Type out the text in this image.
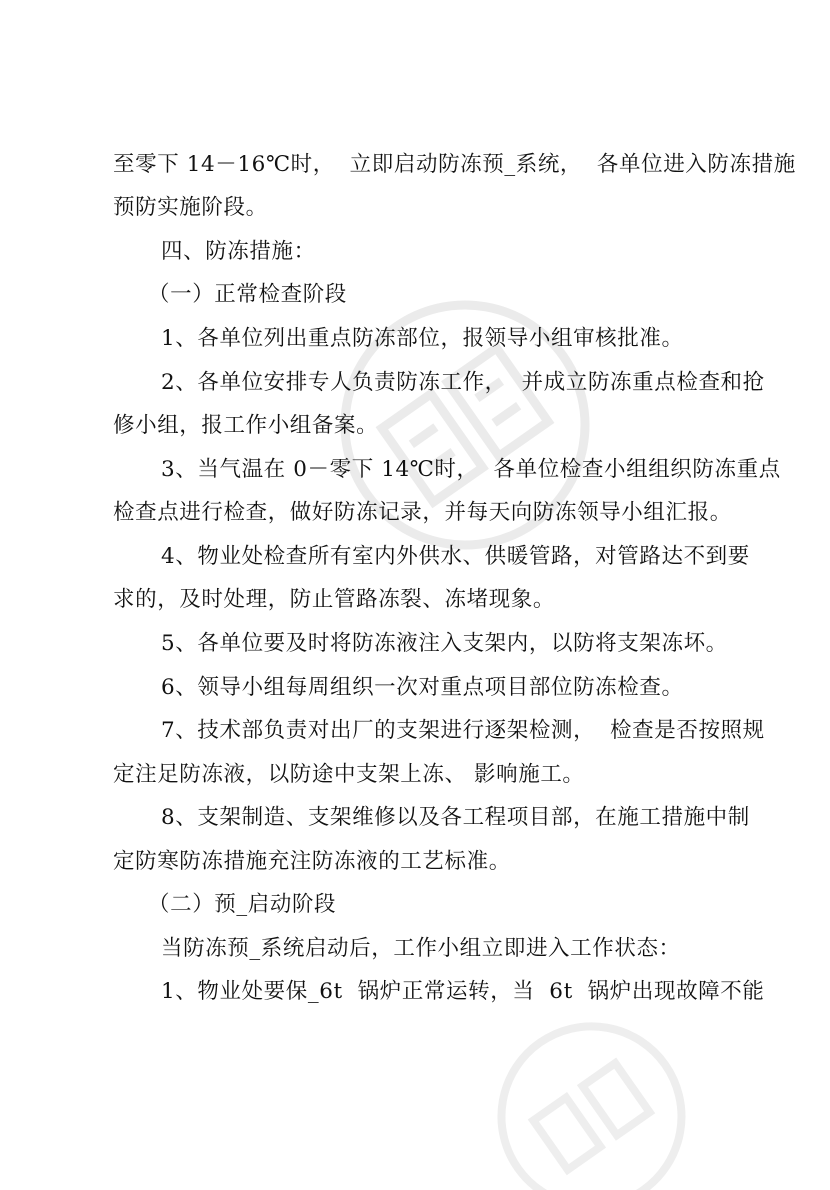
至零下 14－16℃时，  立即启动防冻预_系统，  各单位进入防冻措施
预防实施阶段。
四、防冻措施：
（一）正常检查阶段
1、各单位列出重点防冻部位，报领导小组审核批准。
2、各单位安排专人负责防冻工作，  并成立防冻重点检查和抢
修小组，报工作小组备案。
3、当气温在 0－零下 14℃时，  各单位检查小组组织防冻重点
检查点进行检查，做好防冻记录，并每天向防冻领导小组汇报。
4、物业处检查所有室内外供水、供暖管路，对管路达不到要
求的，及时处理，防止管路冻裂、冻堵现象。
5、各单位要及时将防冻液注入支架内，以防将支架冻坏。
6、领导小组每周组织一次对重点项目部位防冻检查。
7、技术部负责对出厂的支架进行逐架检测，  检查是否按照规
定注足防冻液，以防途中支架上冻、 影响施工。
8、支架制造、支架维修以及各工程项目部，在施工措施中制
定防寒防冻措施充注防冻液的工艺标准。
（二）预_启动阶段
当防冻预_系统启动后，工作小组立即进入工作状态：
1、物业处要保_6t  锅炉正常运转，当  6t  锅炉出现故障不能
